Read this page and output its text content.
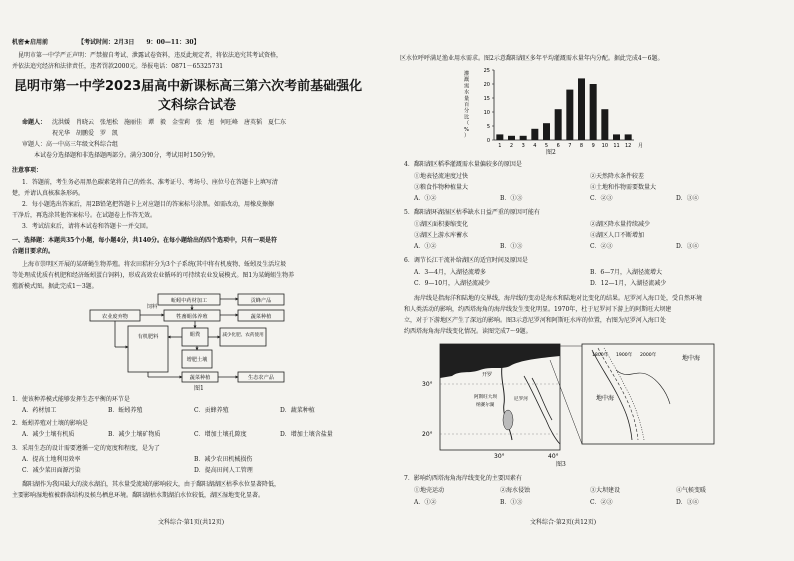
机密★启用前	【考试时间：2月3日　　9：00—11：30】
昆明市第一中学严正声明：严禁擅自考试、泄露试卷资料，违反此规定者，将依法追究其考试资格，
并依法追究经济和法律责任，违者罚款2000元。举报电话：0871－65325731
昆明市第一中学2023届高中新课标高三第六次考前基础强化
文科综合试卷
命题人： 沈洪媛　肖晓云　张旭松　施丽佳　谭　毅　金莹莉　张　旭　何旺峰　唐英韬　夏仁东
祝光华　胡鹏爱　罗　凯
审题人：高一中高三年级文科综合组
本试卷分选择题和非选择题两部分。满分300分，考试用时150分钟。
注意事项：
1．答题前，考生务必用黑色碳素笔将自己的姓名、准考证号、考场号、座位号在答题卡上填写清
楚，并请认真核准条形码。
2．每小题选出答案后，用2B铅笔把答题卡上对应题目的答案标号涂黑。如需改动，用橡皮擦擦
干净后，再选涂其他答案标号。在试题卷上作答无效。
3．考试结束后，请将本试卷和答题卡一并交回。
一、选择题：本题共35个小题，每小题4分，共140分。在每小题给出的四个选项中，只有一项是符
合题目要求的。
上海市崇明区开展的某研蝇生物养殖。将农田秸秆分为3个子系统(其中将有机废物、蚯蚓及生活垃圾
等处理成优质有机肥和经济蚯蚓蛋白饲料)，形成高效农业循环的可持续农业发展模式。图1为某蝇蛆生物养
殖新模式图。据此完成1～3题。
蚯蚓中药材加工	贡蜂产品
农业废弃物	牲畜蛆体养殖	蔬菜种植
蛆粪	减少化肥、农药使用
增肥土壤
有机肥料
蔬菜种植	生态农产品
饲料
图1
1．使该种养模式能够发挥生态平衡的环节是
A．药材加工	B．蚯蚓养殖	C．贡蜂养殖	D．蔬菜种植
2．蚯蚓养殖对土壤的影响是
A．减少土壤有机质	B．减少土壤矿物质	C．增加土壤孔隙度	D．增加土壤含盐量
3．采用生态的设计需要遵循一定的宽度和程度，是为了
A．提高土地利用效率	B．减少农田机械损伤
C．减少菜田面源污染	D．提高田间人工管理
鄱阳湖作为我国最大的淡水湖泊，其水量受流域的影响较大，由于鄱阳湖湖区枯季水位显著降低，
主要影响湿地植被群落结构及候鸟栖息环境。鄱阳湖枯水期湖泊水位较低，湖区湿地变化显著。
文科综合·第1页(共12页)
区水位呼呼满足渔业用水需求。图2示意鄱阳湖区多年平均灌溉需水量年内分配。据此完成4～6题。
灌
溉
需
水
量
百
分
比
（
%
）
0
5
10
15
20
25
1 2 3 4 5 6 7 8 9 10 11 12 月
图2
4．鄱阳湖区稻季灌溉需水量偏较多的原因是
①地表径流速度过快	②天然降水条件较差
③粮食作物种植量大	④土地和作物需要数量大
A．①②	B．①③	C．②③	D．③④
5．鄱阳湖环湖湿区枯季缺水日益严重的原因可能有
①湖区面积萎缩变化	②湖区降水量持续减少
③湖区上游水库蓄水	④湖区人口不断增加
A．①②	B．①③	C．②③	D．③④
6．调节长江干流补给湖区的适宜时间及原因是
A．3—4月，入湖径流增多	B．6—7月，入湖径流增大
C．9—10月，入湖径流减少	D．12—1月，入湖径流减少
海岸线是指海洋和陆地的交界线，海岸线的变动是海水和陆地对比变化的结果。尼罗河入海口处，受自然环境
和人类活动的影响，约西塔海角的海岸线发生变化明显。1970年，杜于尼罗河下游上的阿斯旺大坝建
立，对于下游地区产生了深远的影响。图3示意尼罗河和阿斯旺水库的位置，右图为尼罗河入海口处
约西塔海角海岸线变化情况。读图完成7～9题。
30°
20°
30°	40°
开罗
阿斯旺大坝
纳赛尔湖
尼罗河
1800年 1900年 2000年	地中海
地中海
图3
7．影响约西塔海角海岸线变化的主要因素有
①地壳运动	②海水侵蚀	③大坝建设	④气候变暖
A．①②	B．①③	C．②③	D．③④
文科综合·第2页(共12页)
